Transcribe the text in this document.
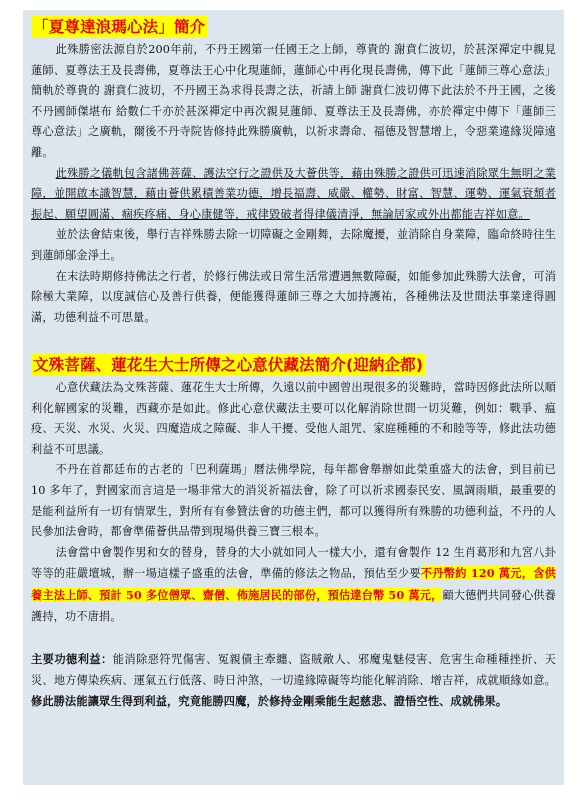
「夏尊達浪瑪心法」簡介

此殊勝密法源自於200年前，不丹王國第一任國王之上師，尊貴的 謝賁仁波切，於甚深禪定中親見蓮師、夏尊法王及長壽佛，夏尊法王心中化現蓮師，蓮師心中再化現長壽佛，傳下此「蓮師三尊心意法」簡軌於尊貴的 謝賁仁波切，不丹國王為求得長壽之法，祈請上師 謝賁仁波切傳下此法於不丹王國，之後不丹國師傑堪布 給數仁千亦於甚深禪定中再次親見蓮師、夏尊法王及長壽佛，亦於禪定中傳下「蓮師三尊心意法」之廣軌，爾後不丹寺院皆修持此殊勝廣軌，以祈求壽命、福德及智慧增上，令惡業違緣災障遠離。

此殊勝之儀軌包含諸佛菩薩、護法空行之證供及大薈供等，藉由殊勝之證供可迅速消除眾生無明之業障，並開啟本識智慧，藉由薈供累積善業功德，增長福壽、威嚴、權勢、財富、智慧、運勢、運氣衰頹者振起、願望圓滿、痼疾疼痛、身心康健等，戒律毀破者得律儀清淨，無論居家或外出都能吉祥如意。

並於法會結束後，舉行吉祥殊勝去除一切障礙之金剛舞，去除魔擾，並消除自身業障，臨命終時往生到蓮師鄔金淨土。

在末法時期修持佛法之行者，於修行佛法或日常生活常遭遇無數障礙，如能參加此殊勝大法會，可消除極大業障，以度誠信心及善行供養，便能獲得蓮師三尊之大加持護祐，各種佛法及世間法事業達得圓滿，功德利益不可思量。

文殊菩薩、蓮花生大士所傳之心意伏藏法簡介(迎納企都)

心意伏藏法為文殊菩薩、蓮花生大士所傳，久遠以前中國曾出現很多的災難時，當時因修此法所以順利化解國家的災難，西藏亦是如此。修此心意伏藏法主要可以化解消除世間一切災難，例如：戰爭、瘟疫、天災、水災、火災、四魔造成之障礙、非人干擾、受他人詛咒、家庭種種的不和睦等等，修此法功德利益不可思議。

不丹在首都廷布的古老的「巴利薩瑪」曆法佛學院，每年都會舉辦如此榮重盛大的法會，到目前已 10 多年了，對國家而言這是一場非常大的消災祈福法會，除了可以祈求國泰民安、風調雨順，最重要的是能利益所有一切有情眾生，對所有有參贊法會的功德主們，都可以獲得所有殊勝的功德利益，不丹的人民參加法會時，都會準備薈供品帶到現場供養三寶三根本。

法會當中會製作男和女的替身，替身的大小就如同人一樣大小，還有會製作 12 生肖葛形和九宮八卦等等的莊嚴壇城，辦一場這樣子盛重的法會，準備的修法之物品，預估至少要不丹幣約 120 萬元，含供養主法上師、預計 50 多位僧眾、齋僧、佈施居民的部份，預估達台幣 50 萬元，顧大德們共同發心供養護持，功不唐捐。

主要功德利益：能消除惡符咒傷害、冤親債主牽纏、盜賊敵人、邪魔鬼魅侵害、危害生命種種挫折、天災、地方傳染疾病、運氣五行低落、時日沖煞，一切違緣障礙等均能化解消除、增吉祥，成就順緣如意。修此勝法能讓眾生得到利益，究竟能勝四魔，於修持金剛乘能生起慈悲、證悟空性、成就佛果。
